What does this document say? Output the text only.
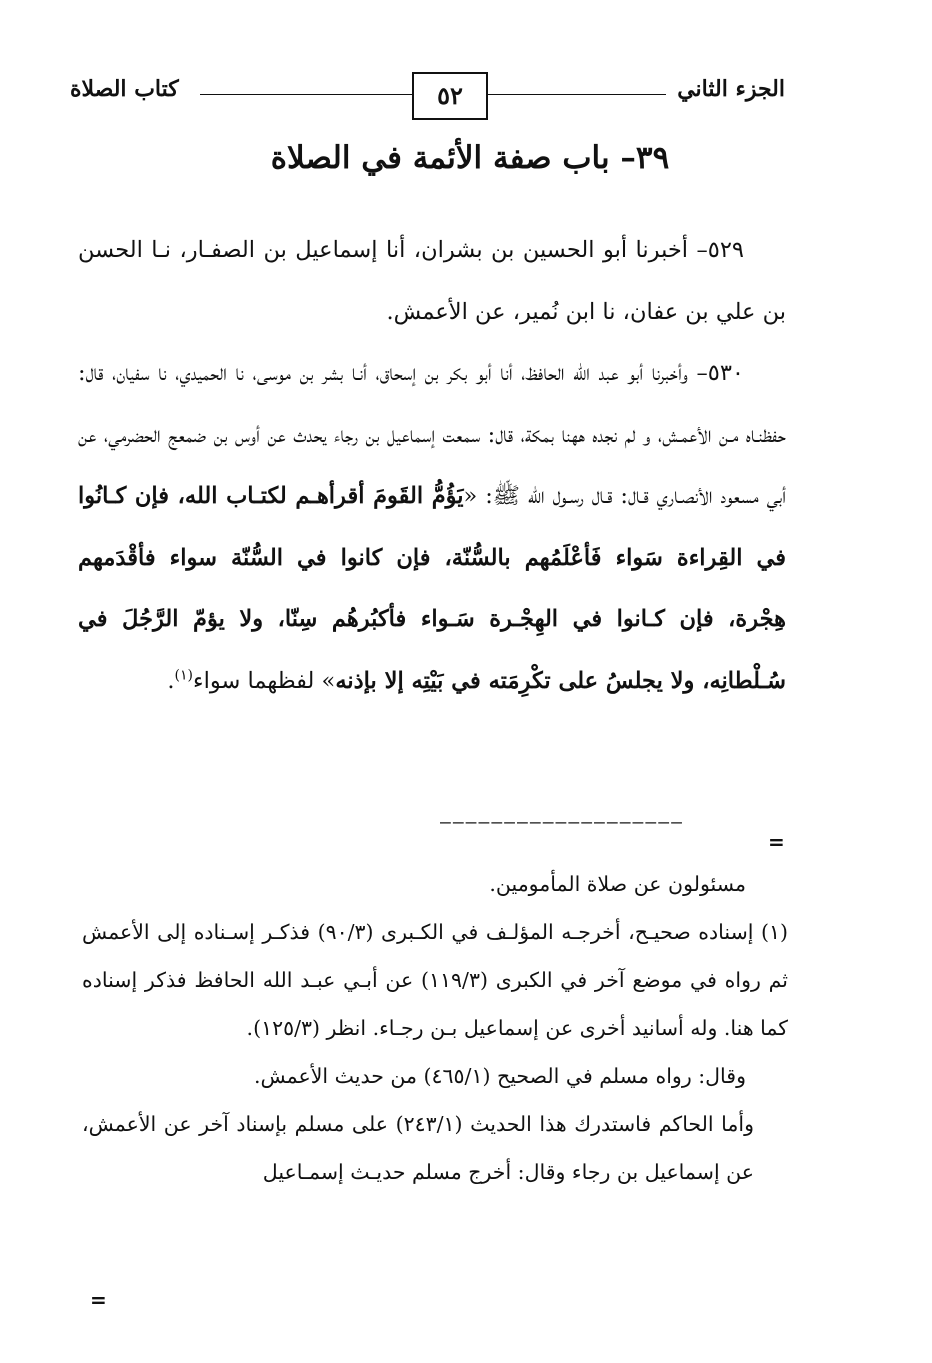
الجزء الثاني
٥٢
كتاب الصلاة
٣٩– باب صفة الأئمة في الصلاة

٥٢٩– أخبرنا أبو الحسين بن بشران، أنا إسماعيل بن الصفـار، نـا الحسن بن علي بن عفان، نا ابن نُمير، عن الأعمش.

٥٣٠– وأخبرنا أبو عبد الله الحافظ، أنا أبو بكر بن إسحاق، أنـا بشر بن موسى، نا الحميدي، نا سفيان، قال: حفظنـاه مـن الأعمـش، و لم نجده ههنا بمكة، قال: سمعت إسماعيل بن رجاء يحدث عن أوس بن ضمعج الحضرمي، عن أبي مسعود الأنصـاري قـال: قـال رسـول الله ﷺ: «يَؤُمُّ القَومَ أقرأهـم لكتـاب الله، فإن كـانُوا في القِراءة سَواء فَأعْلَمُهم بالسُّنّة، فإن كانوا في السُّنّة سواء فأقْدَمهم هِجْرة، فإن كـانوا في الهِجْـرة سَـواء فأكبُرهُم سِنّا، ولا يؤمّ الرَّجُلَ في سُـلْطانِه، ولا يجلسُ على تكْرِمَته في بَيْتِه إلا بإذنه» لفظهما سواء$^{(١)}$.

———————————————————
=

مسئولون عن صلاة المأمومين.

(١) إسناده صحيـح، أخرجـه المؤلـف في الكـبرى (٩٠/٣) فذكـر إسـناده إلى الأعمش ثم رواه في موضع آخر في الكبرى (١١٩/٣) عن أبـي عبـد الله الحافظ فذكر إسناده كما هنا. وله أسانيد أخرى عن إسماعيل بـن رجـاء. انظر (١٢٥/٣).

وقال: رواه مسلم في الصحيح (٤٦٥/١) من حديث الأعمش.

وأما الحاكم فاستدرك هذا الحديث (٢٤٣/١) على مسلم بإسناد آخر عن الأعمش، عن إسماعيل بن رجاء وقال: أخرج مسلم حديـث إسمـاعيل

=
